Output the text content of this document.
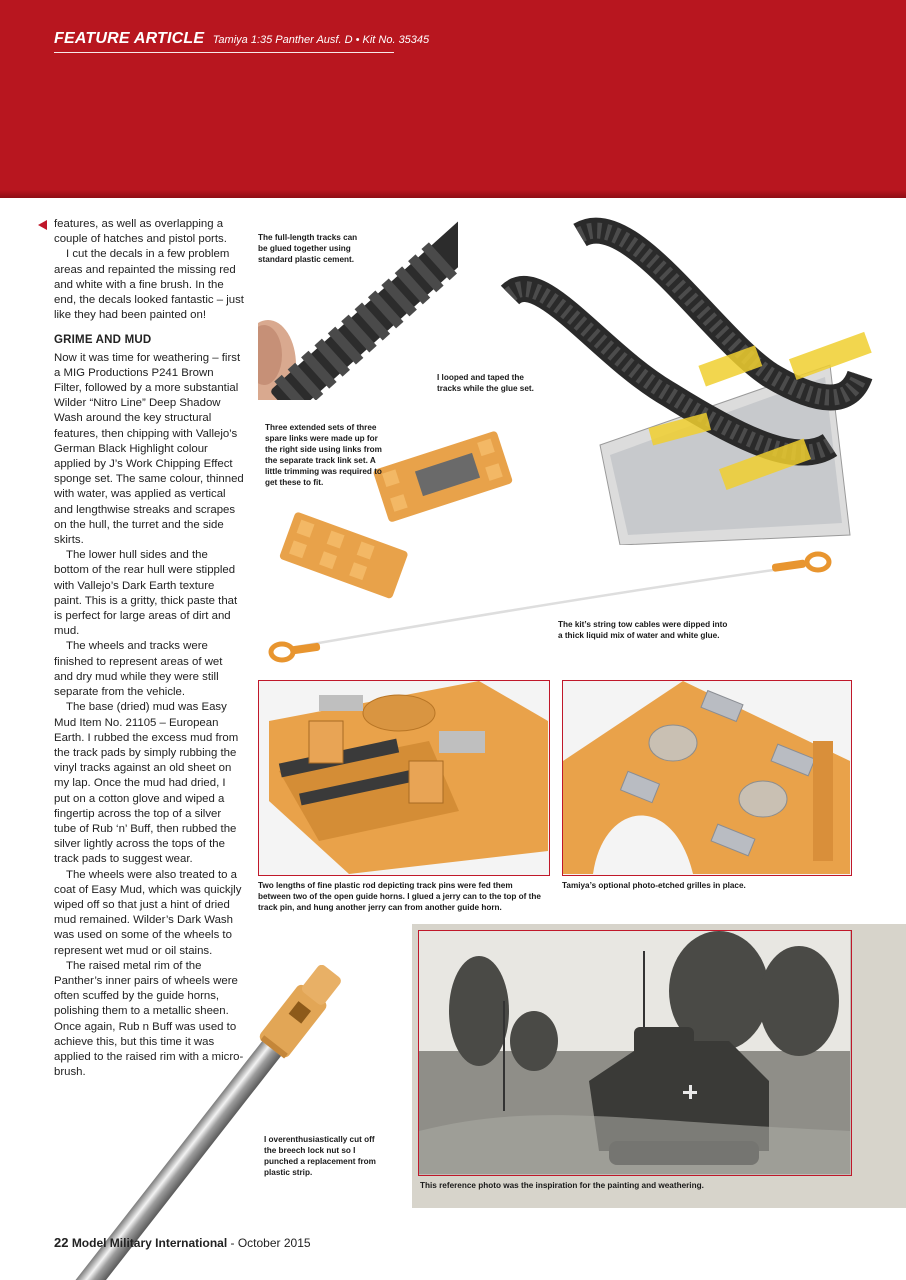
FEATURE ARTICLE Tamiya 1:35 Panther Ausf. D • Kit No. 35345

features, as well as overlapping a couple of hatches and pistol ports.

I cut the decals in a few problem areas and repainted the missing red and white with a fine brush. In the end, the decals looked fantastic – just like they had been painted on!

GRIME AND MUD

Now it was time for weathering – first a MIG Productions P241 Brown Filter, followed by a more substantial Wilder “Nitro Line” Deep Shadow Wash around the key structural features, then chipping with Vallejo’s German Black Highlight colour applied by J’s Work Chipping Effect sponge set. The same colour, thinned with water, was applied as vertical and lengthwise streaks and scrapes on the hull, the turret and the side skirts.

The lower hull sides and the bottom of the rear hull were stippled with Vallejo’s Dark Earth texture paint. This is a gritty, thick paste that is perfect for large areas of dirt and mud.

The wheels and tracks were finished to represent areas of wet and dry mud while they were still separate from the vehicle.

The base (dried) mud was Easy Mud Item No. 21105 – European Earth. I rubbed the excess mud from the track pads by simply rubbing the vinyl tracks against an old sheet on my lap. Once the mud had dried, I put on a cotton glove and wiped a fingertip across the top of a silver tube of Rub ‘n’ Buff, then rubbed the silver lightly across the tops of the track pads to suggest wear.

The wheels were also treated to a coat of Easy Mud, which was quickjly wiped off so that just a hint of dried mud remained. Wilder’s Dark Wash was used on some of the wheels to represent wet mud or oil stains.

The raised metal rim of the Panther’s inner pairs of wheels were often scuffed by the guide horns, polishing them to a metallic sheen. Once again, Rub n Buff was used to achieve this, but this time it was applied to the raised rim with a micro-brush.

The full-length tracks can be glued together using standard plastic cement.
I looped and taped the tracks while the glue set.
Three extended sets of three spare links were made up for the right side using links from the separate track link set. A little trimming was required to get these to fit.
The kit’s string tow cables were dipped into a thick liquid mix of water and white glue.
Two lengths of fine plastic rod depicting track pins were fed them between two of the open guide horns. I glued a jerry can to the top of the track pin, and hung another jerry can from another guide horn.
Tamiya’s optional photo-etched grilles in place.
I overenthusiastically cut off the breech lock nut so I punched a replacement from plastic strip.
This reference photo was the inspiration for the painting and weathering.
22 Model Military International - October 2015
